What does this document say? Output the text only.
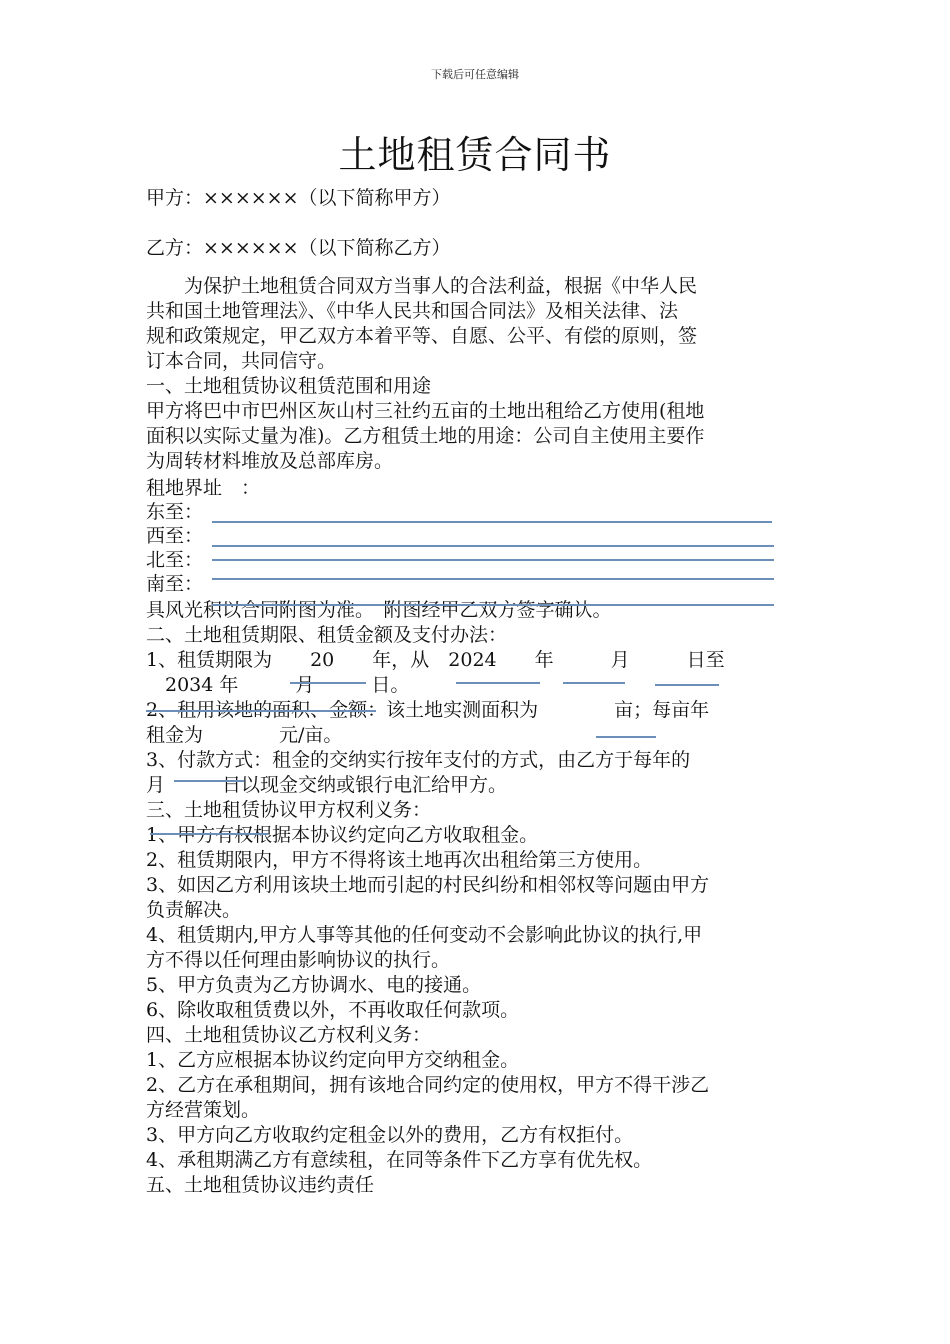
下载后可任意编辑
土地租赁合同书
甲方：××××××（以下简称甲方）
乙方：××××××（以下简称乙方）
　　为保护土地租赁合同双方当事人的合法利益，根据《中华人民
共和国土地管理法》、《中华人民共和国合同法》及相关法律、法
规和政策规定，甲乙双方本着平等、自愿、公平、有偿的原则，签
订本合同，共同信守。
一、土地租赁协议租赁范围和用途
甲方将巴中市巴州区灰山村三社约五亩的土地出租给乙方使用(租地
面积以实际丈量为准)。乙方租赁土地的用途：公司自主使用主要作
为周转材料堆放及总部库房。
租地界址　：
东至：
西至：
北至：
南至：
具风光积以合同附图为准。　附图经甲乙双方签字确认。
二、土地租赁期限、租赁金额及支付办法：
1、租赁期限为　　20　　年，从　2024　　年　　　月　　　日至
　2034 年　　　月　　　日。
2、租用该地的面积、金额：该土地实测面积为　　　　亩；每亩年
租金为　　　　元/亩。
3、付款方式：租金的交纳实行按年支付的方式，由乙方于每年的
月　　　日以现金交纳或银行电汇给甲方。
三、土地租赁协议甲方权利义务：
1、甲方有权根据本协议约定向乙方收取租金。
2、租赁期限内，甲方不得将该土地再次出租给第三方使用。
3、如因乙方利用该块土地而引起的村民纠纷和相邻权等问题由甲方
负责解决。
4、租赁期内,甲方人事等其他的任何变动不会影响此协议的执行,甲
方不得以任何理由影响协议的执行。
5、甲方负责为乙方协调水、电的接通。
6、除收取租赁费以外，不再收取任何款项。
四、土地租赁协议乙方权利义务：
1、乙方应根据本协议约定向甲方交纳租金。
2、乙方在承租期间，拥有该地合同约定的使用权，甲方不得干涉乙
方经营策划。
3、甲方向乙方收取约定租金以外的费用，乙方有权拒付。
4、承租期满乙方有意续租，在同等条件下乙方享有优先权。
五、土地租赁协议违约责任
